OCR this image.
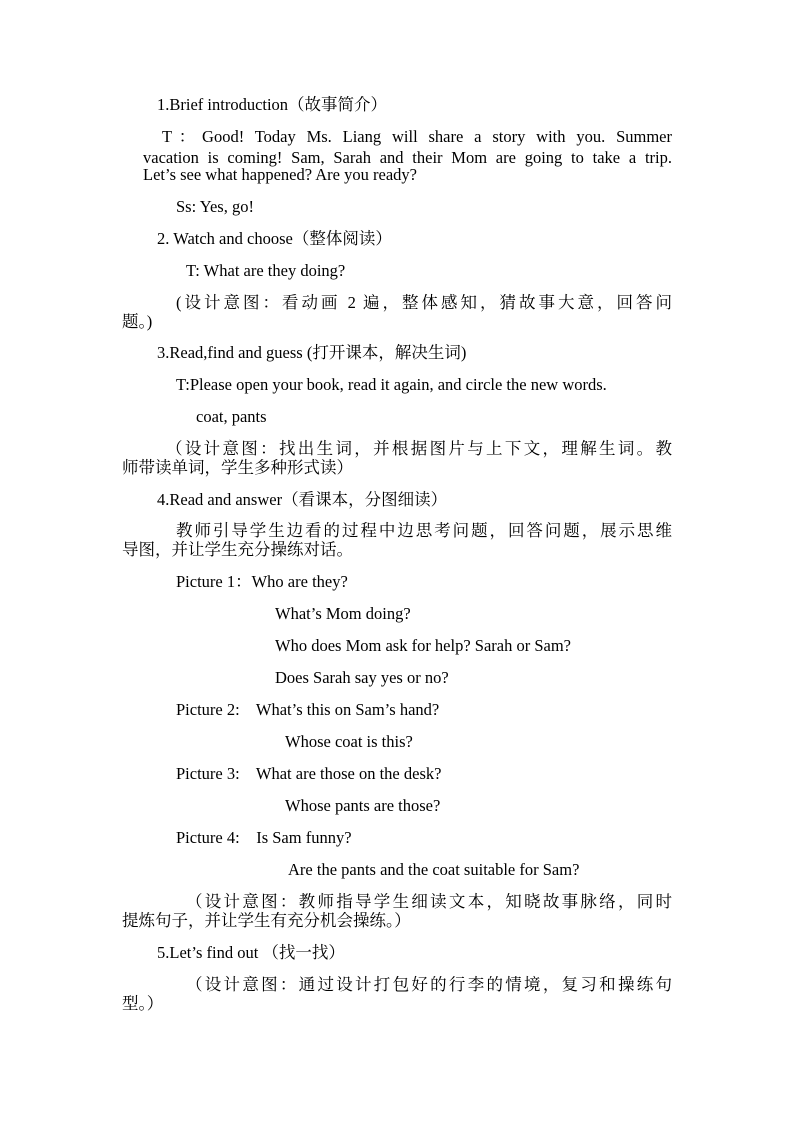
1.Brief introduction（故事简介）

T：Good! Today Ms. Liang will share a story with you. Summer

vacation is coming! Sam, Sarah and their Mom are going to take a trip.

Let’s see what happened? Are you ready?

Ss: Yes, go!

2. Watch and choose（整体阅读）

T: What are they doing?

(设计意图：看动画 2 遍，整体感知，猜故事大意，回答问

题。)

3.Read,find and guess (打开课本，解决生词)

T:Please open your book, read it again, and circle the new words.

coat, pants

（设计意图：找出生词，并根据图片与上下文，理解生词。教

师带读单词，学生多种形式读）

4.Read and answer（看课本，分图细读）

教师引导学生边看的过程中边思考问题，回答问题，展示思维

导图，并让学生充分操练对话。

Picture 1：Who are they?

What’s Mom doing?

Who does Mom ask for help? Sarah or Sam?

Does Sarah say yes or no?

Picture 2:    What’s this on Sam’s hand?

Whose coat is this?

Picture 3:    What are those on the desk?

Whose pants are those?

Picture 4:    Is Sam funny?

Are the pants and the coat suitable for Sam?

（设计意图：教师指导学生细读文本，知晓故事脉络，同时

提炼句子，并让学生有充分机会操练。）

5.Let’s find out （找一找）

（设计意图：通过设计打包好的行李的情境，复习和操练句

型。）
